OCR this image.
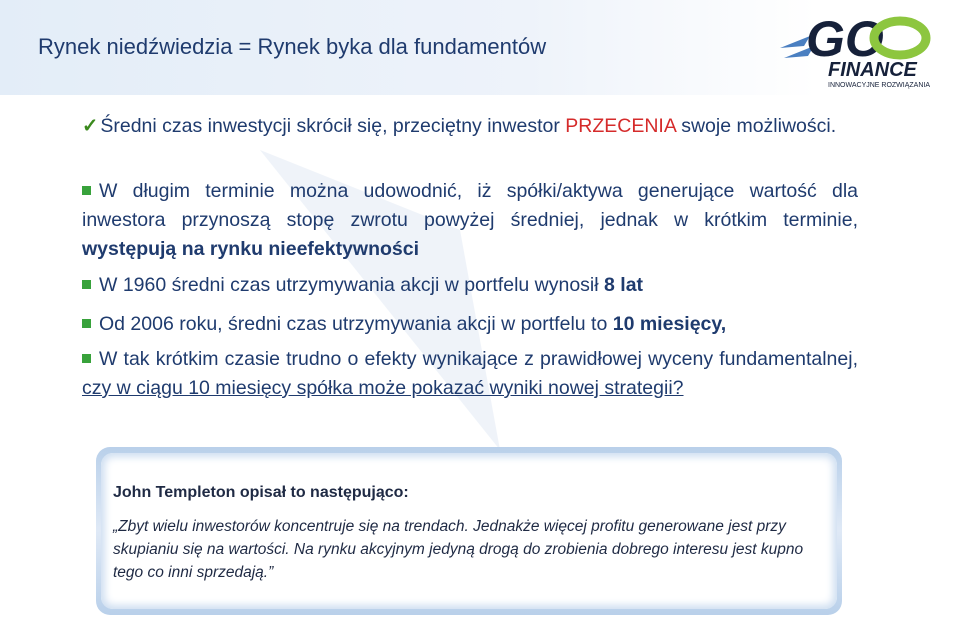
Rynek niedźwiedzia = Rynek byka dla fundamentów	GO
FINANCE
INNOWACYJNE ROZWIĄZANIA
✓ Średni czas inwestycji skrócił się, przeciętny inwestor PRZECENIA swoje możliwości.
W długim terminie można udowodnić, iż spółki/aktywa generujące wartość dla inwestora przynoszą stopę zwrotu powyżej średniej, jednak w krótkim terminie, występują na rynku nieefektywności
W 1960 średni czas utrzymywania akcji w portfelu wynosił 8 lat
Od 2006 roku, średni czas utrzymywania akcji w portfelu to 10 miesięcy,
W tak krótkim czasie trudno o efekty wynikające z prawidłowej wyceny fundamentalnej, czy w ciągu 10 miesięcy spółka może pokazać wyniki nowej strategii?
John Templeton opisał to następująco:
„Zbyt wielu inwestorów koncentruje się na trendach. Jednakże więcej profitu generowane jest przy skupianiu się na wartości. Na rynku akcyjnym jedyną drogą do zrobienia dobrego interesu jest kupno tego co inni sprzedają.”
